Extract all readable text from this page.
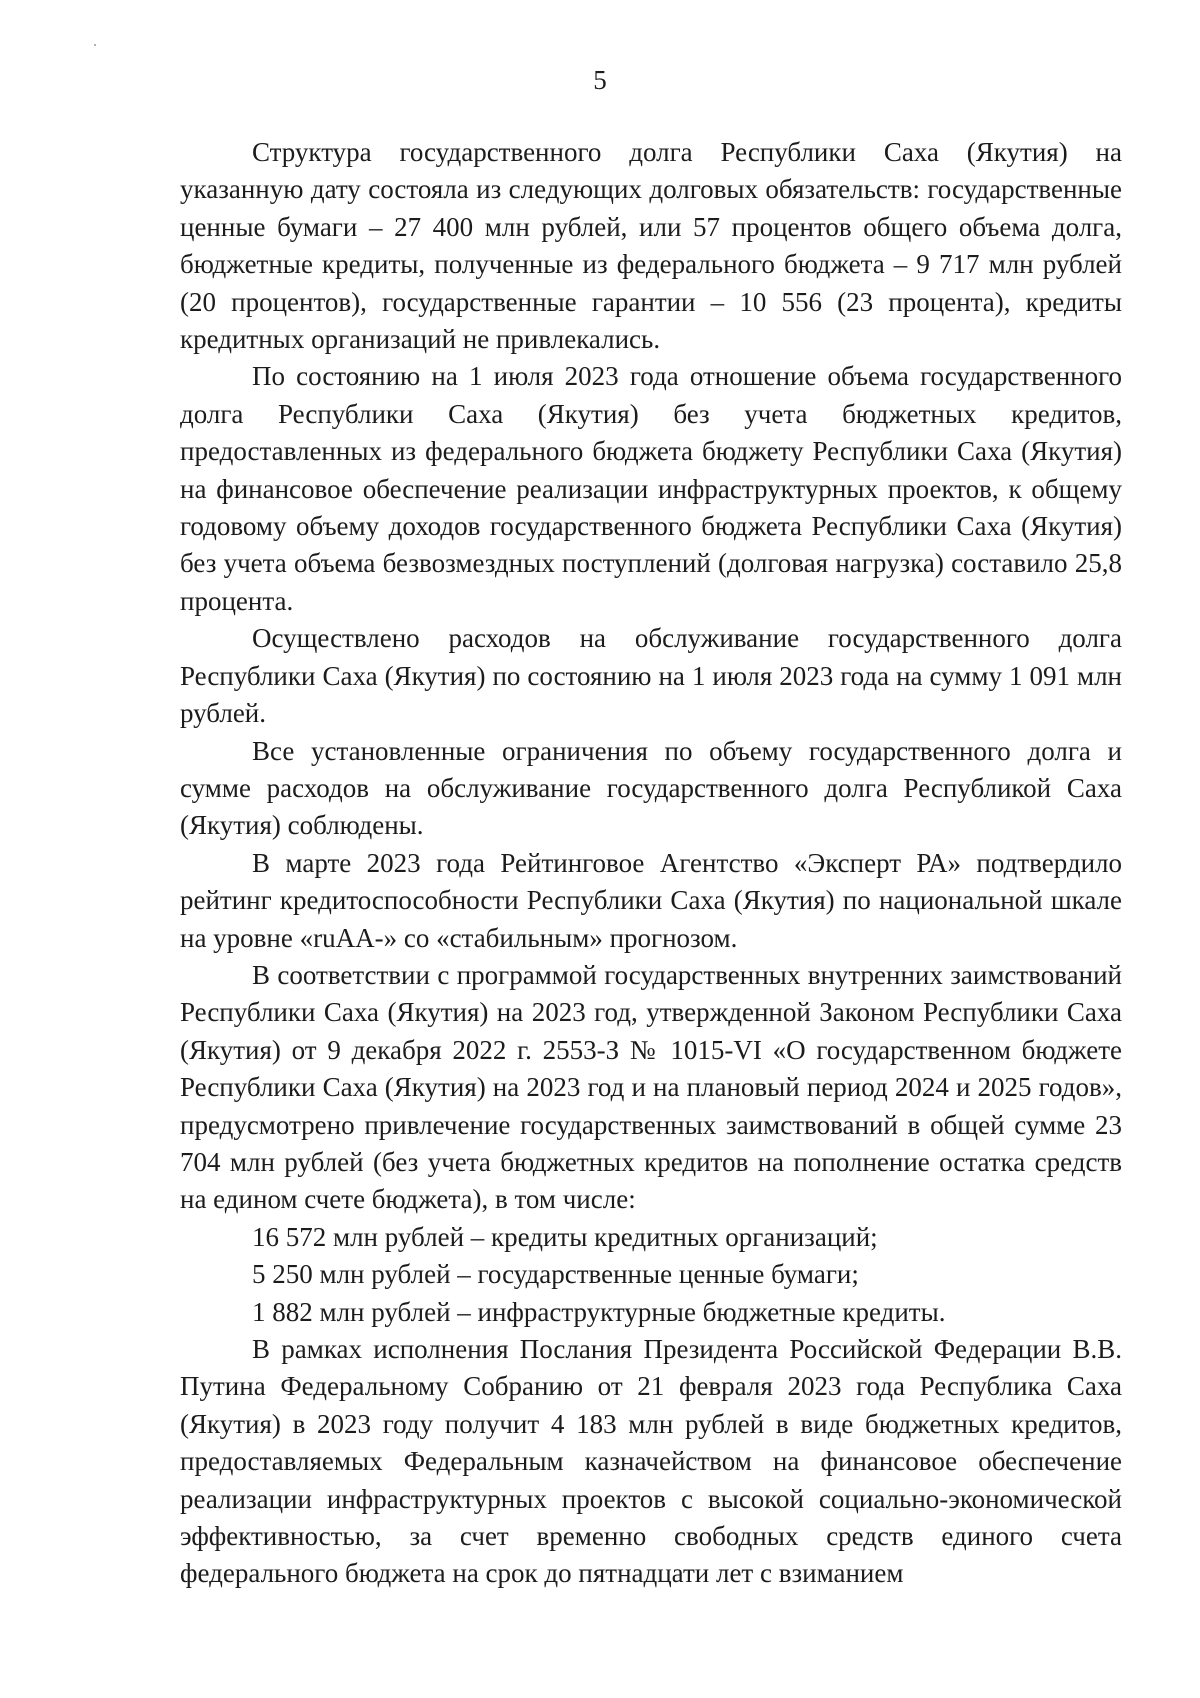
5

Структура государственного долга Республики Саха (Якутия) на указанную дату состояла из следующих долговых обязательств: государственные ценные бумаги – 27 400 млн рублей, или 57 процентов общего объема долга, бюджетные кредиты, полученные из федерального бюджета – 9 717 млн рублей (20 процентов), государственные гарантии – 10 556 (23 процента), кредиты кредитных организаций не привлекались.

По состоянию на 1 июля 2023 года отношение объема государственного долга Республики Саха (Якутия) без учета бюджетных кредитов, предоставленных из федерального бюджета бюджету Республики Саха (Якутия) на финансовое обеспечение реализации инфраструктурных проектов, к общему годовому объему доходов государственного бюджета Республики Саха (Якутия) без учета объема безвозмездных поступлений (долговая нагрузка) составило 25,8 процента.

Осуществлено расходов на обслуживание государственного долга Республики Саха (Якутия) по состоянию на 1 июля 2023 года на сумму 1 091 млн рублей.

Все установленные ограничения по объему государственного долга и сумме расходов на обслуживание государственного долга Республикой Саха (Якутия) соблюдены.

В марте 2023 года Рейтинговое Агентство «Эксперт РА» подтвердило рейтинг кредитоспособности Республики Саха (Якутия) по национальной шкале на уровне «ruAA-» со «стабильным» прогнозом.

В соответствии с программой государственных внутренних заимствований Республики Саха (Якутия) на 2023 год, утвержденной Законом Республики Саха (Якутия) от 9 декабря 2022 г. 2553-З № 1015-VI «О государственном бюджете Республики Саха (Якутия) на 2023 год и на плановый период 2024 и 2025 годов», предусмотрено привлечение государственных заимствований в общей сумме 23 704 млн рублей (без учета бюджетных кредитов на пополнение остатка средств на едином счете бюджета), в том числе:

16 572 млн рублей – кредиты кредитных организаций;

5 250 млн рублей – государственные ценные бумаги;

1 882 млн рублей – инфраструктурные бюджетные кредиты.

В рамках исполнения Послания Президента Российской Федерации В.В. Путина Федеральному Собранию от 21 февраля 2023 года Республика Саха (Якутия) в 2023 году получит 4 183 млн рублей в виде бюджетных кредитов, предоставляемых Федеральным казначейством на финансовое обеспечение реализации инфраструктурных проектов с высокой социально-экономической эффективностью, за счет временно свободных средств единого счета федерального бюджета на срок до пятнадцати лет с взиманием
